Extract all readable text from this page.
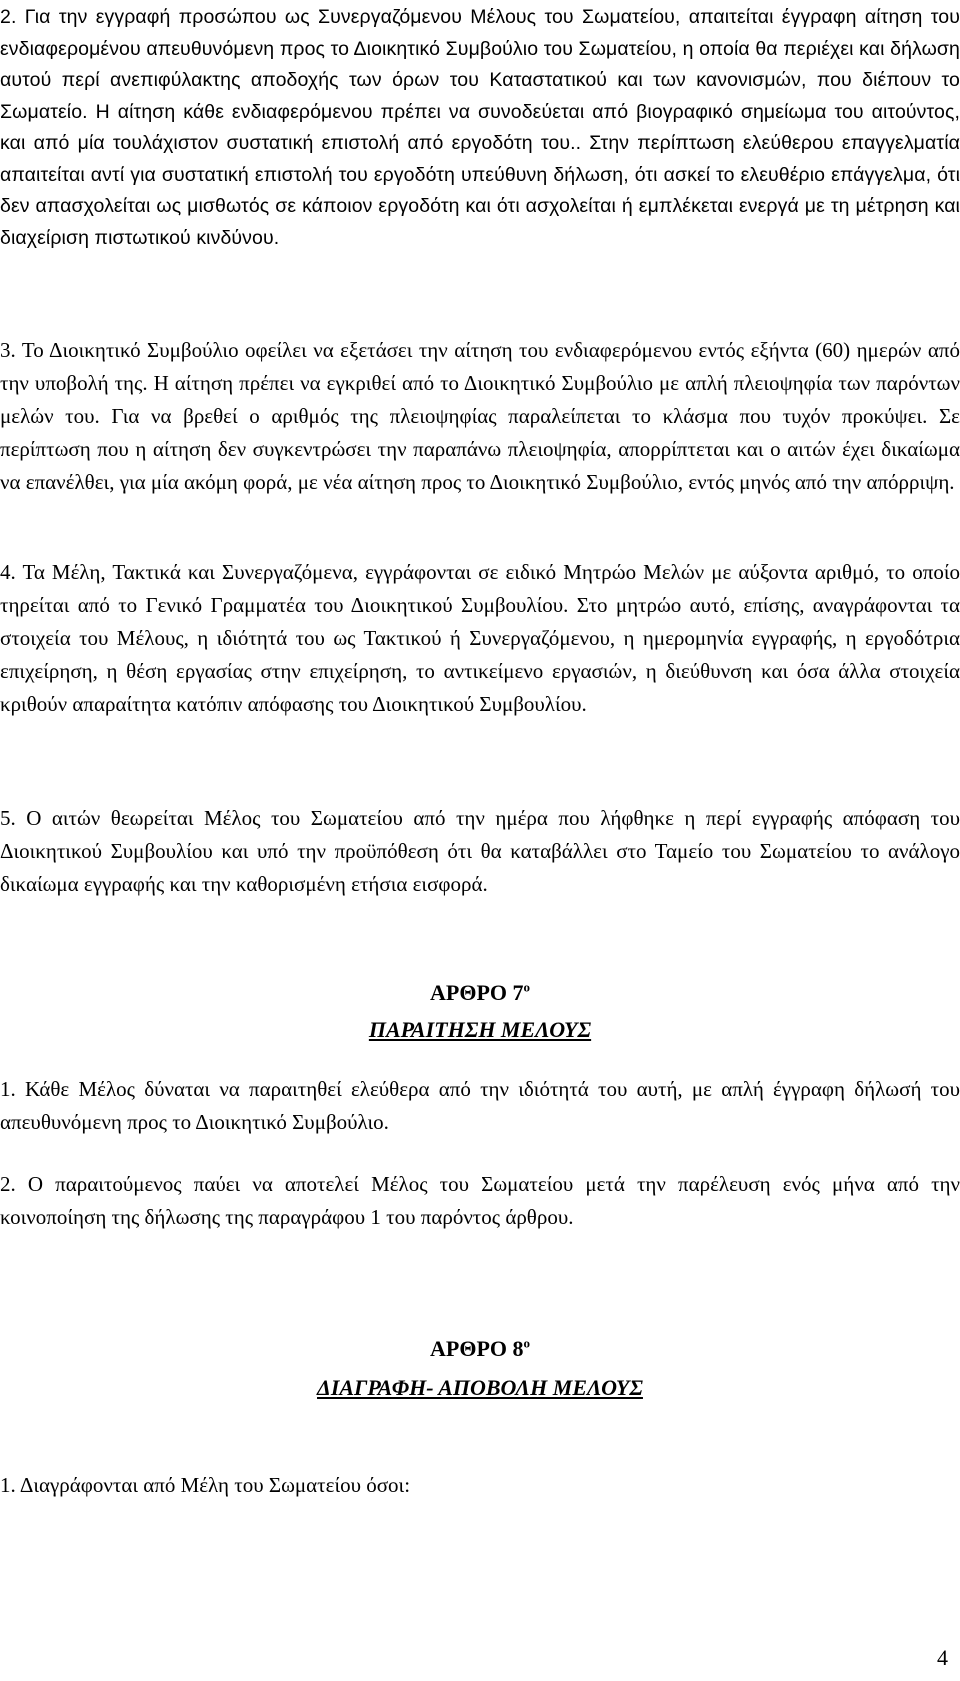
2. Για την εγγραφή προσώπου ως Συνεργαζόμενου Μέλους του Σωματείου, απαιτείται έγγραφη αίτηση του ενδιαφερομένου απευθυνόμενη προς το Διοικητικό Συμβούλιο του Σωματείου, η οποία θα περιέχει και δήλωση αυτού περί ανεπιφύλακτης αποδοχής των όρων του Καταστατικού και των κανονισμών, που διέπουν το Σωματείο. Η αίτηση κάθε ενδιαφερόμενου πρέπει να συνοδεύεται από βιογραφικό σημείωμα του αιτούντος, και από μία τουλάχιστον συστατική επιστολή από εργοδότη του.. Στην περίπτωση ελεύθερου επαγγελματία απαιτείται αντί για συστατική επιστολή του εργοδότη υπεύθυνη δήλωση, ότι ασκεί το ελευθέριο επάγγελμα, ότι δεν απασχολείται ως μισθωτός σε κάποιον εργοδότη και ότι ασχολείται ή εμπλέκεται ενεργά με τη μέτρηση και διαχείριση πιστωτικού κινδύνου.

3. Το Διοικητικό Συμβούλιο οφείλει να εξετάσει την αίτηση του ενδιαφερόμενου εντός εξήντα (60) ημερών από την υποβολή της. Η αίτηση πρέπει να εγκριθεί από το Διοικητικό Συμβούλιο με απλή πλειοψηφία των παρόντων μελών του. Για να βρεθεί ο αριθμός της πλειοψηφίας παραλείπεται το κλάσμα που τυχόν προκύψει. Σε περίπτωση που η αίτηση δεν συγκεντρώσει την παραπάνω πλειοψηφία, απορρίπτεται και ο αιτών έχει δικαίωμα να επανέλθει, για μία ακόμη φορά, με νέα αίτηση προς το Διοικητικό Συμβούλιο, εντός μηνός από την απόρριψη.

4. Τα Μέλη, Τακτικά και Συνεργαζόμενα, εγγράφονται σε ειδικό Μητρώο Μελών με αύξοντα αριθμό, το οποίο τηρείται από το Γενικό Γραμματέα του Διοικητικού Συμβουλίου. Στο μητρώο αυτό, επίσης, αναγράφονται τα στοιχεία του Μέλους, η ιδιότητά του ως Τακτικού ή Συνεργαζόμενου, η ημερομηνία εγγραφής, η εργοδότρια επιχείρηση, η θέση εργασίας στην επιχείρηση, το αντικείμενο εργασιών, η διεύθυνση και όσα άλλα στοιχεία κριθούν απαραίτητα κατόπιν απόφασης του Διοικητικού Συμβουλίου.

5. Ο αιτών θεωρείται Μέλος του Σωματείου από την ημέρα που λήφθηκε η περί εγγραφής απόφαση του Διοικητικού Συμβουλίου και υπό την προϋπόθεση ότι θα καταβάλλει στο Ταμείο του Σωματείου το ανάλογο δικαίωμα εγγραφής και την καθορισμένη ετήσια εισφορά.

ΑΡΘΡΟ $7^o$

ΠΑΡΑΙΤΗΣΗ ΜΕΛΟΥΣ

1. Κάθε Μέλος δύναται να παραιτηθεί ελεύθερα από την ιδιότητά του αυτή, με απλή έγγραφη δήλωσή του απευθυνόμενη προς το Διοικητικό Συμβούλιο.

2. Ο παραιτούμενος παύει να αποτελεί Μέλος του Σωματείου μετά την παρέλευση ενός μήνα από την κοινοποίηση της δήλωσης της παραγράφου 1 του παρόντος άρθρου.

ΑΡΘΡΟ $8^o$

ΔΙΑΓΡΑΦΗ- ΑΠΟΒΟΛΗ ΜΕΛΟΥΣ

1. Διαγράφονται από Μέλη του Σωματείου όσοι:

4
